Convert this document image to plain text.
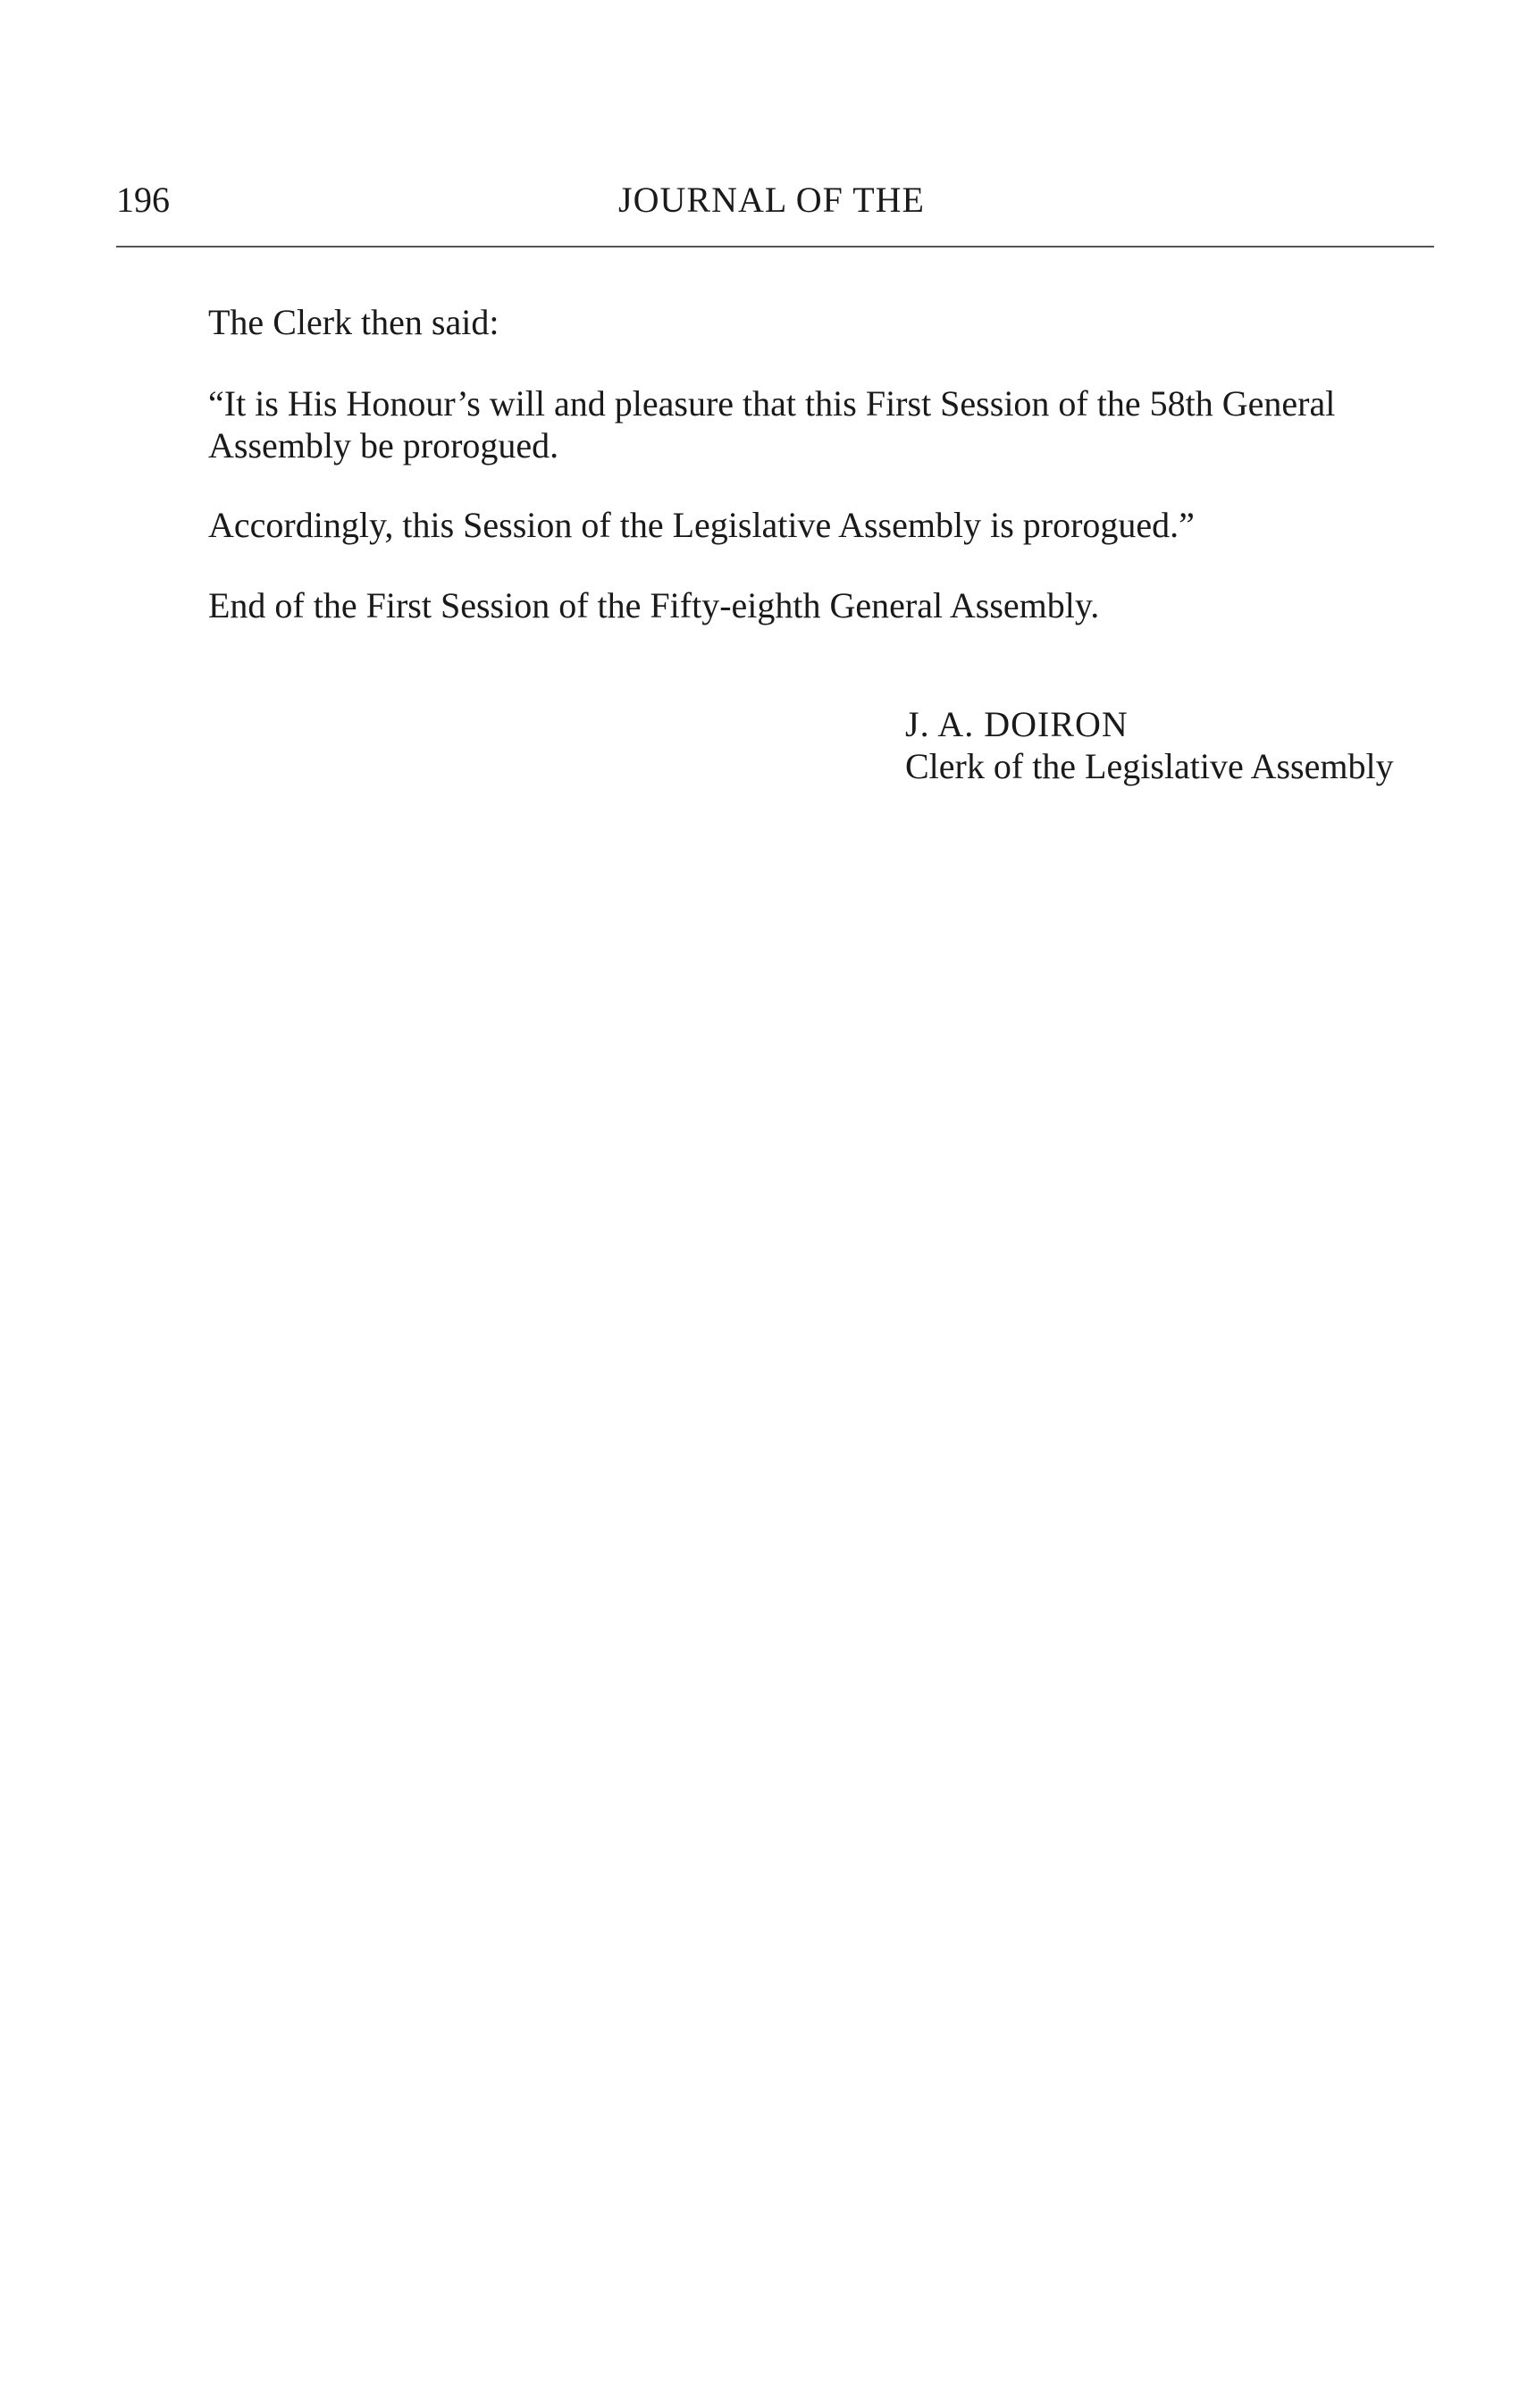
196	JOURNAL OF THE

The Clerk then said:

“It is His Honour’s will and pleasure that this First Session of the 58th General Assembly be prorogued.

Accordingly, this Session of the Legislative Assembly is prorogued.”

End of the First Session of the Fifty-eighth General Assembly.

J. A. DOIRON
Clerk of the Legislative Assembly
